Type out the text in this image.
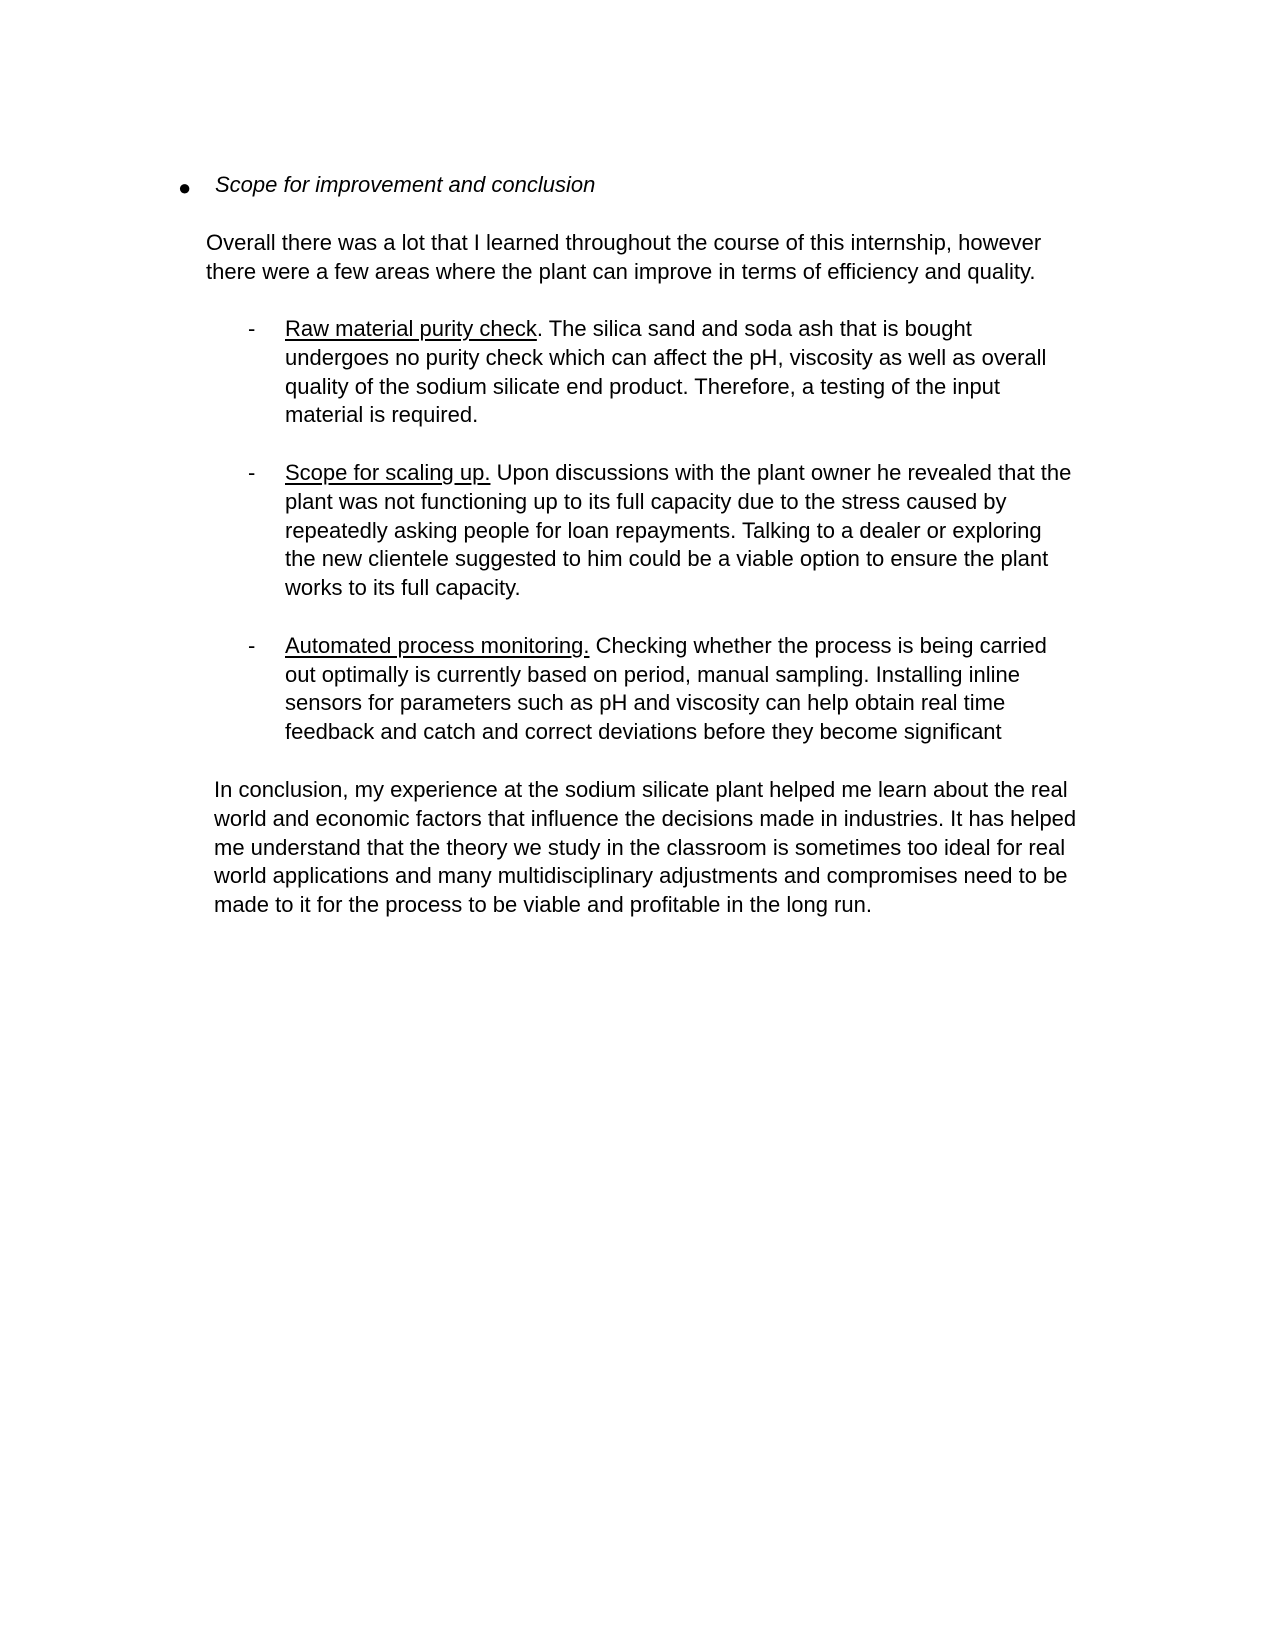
● Scope for improvement and conclusion
Overall there was a lot that I learned throughout the course of this internship, however
there were a few areas where the plant can improve in terms of efficiency and quality.
- Raw material purity check. The silica sand and soda ash that is bought
undergoes no purity check which can affect the pH, viscosity as well as overall
quality of the sodium silicate end product. Therefore, a testing of the input
material is required.
- Scope for scaling up. Upon discussions with the plant owner he revealed that the
plant was not functioning up to its full capacity due to the stress caused by
repeatedly asking people for loan repayments. Talking to a dealer or exploring
the new clientele suggested to him could be a viable option to ensure the plant
works to its full capacity.
- Automated process monitoring. Checking whether the process is being carried
out optimally is currently based on period, manual sampling. Installing inline
sensors for parameters such as pH and viscosity can help obtain real time
feedback and catch and correct deviations before they become significant
In conclusion, my experience at the sodium silicate plant helped me learn about the real
world and economic factors that influence the decisions made in industries. It has helped
me understand that the theory we study in the classroom is sometimes too ideal for real
world applications and many multidisciplinary adjustments and compromises need to be
made to it for the process to be viable and profitable in the long run.
